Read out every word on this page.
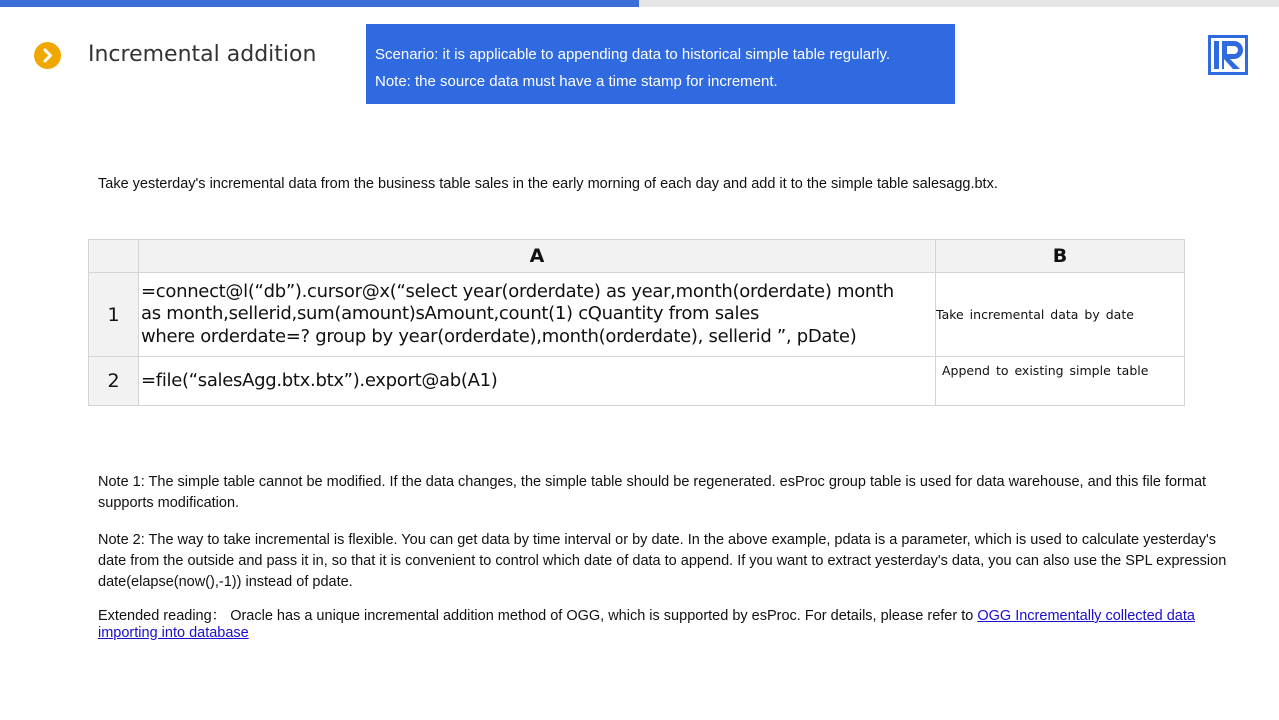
Incremental addition	Scenario: it is applicable to appending data to historical simple table regularly.
Note: the source data must have a time stamp for increment.
Take yesterday's incremental data from the business table sales in the early morning of each day and add it to the simple table salesagg.btx.
	A	B
1	=connect@l(“db”).cursor@x(“select year(orderdate) as year,month(orderdate) month
as month,sellerid,sum(amount)sAmount,count(1) cQuantity from sales
where orderdate=? group by year(orderdate),month(orderdate), sellerid ”, pDate)	Take incremental data by date
2	=file(“salesAgg.btx.btx”).export@ab(A1)	Append to existing simple table
Note 1: The simple table cannot be modified. If the data changes, the simple table should be regenerated. esProc group table is used for data warehouse, and this file format supports modification.
Note 2: The way to take incremental is flexible. You can get data by time interval or by date. In the above example, pdata is a parameter, which is used to calculate yesterday's date from the outside and pass it in, so that it is convenient to control which date of data to append. If you want to extract yesterday's data, you can also use the SPL expression date(elapse(now(),-1)) instead of pdate.
Extended reading： Oracle has a unique incremental addition method of OGG, which is supported by esProc. For details, please refer to OGG Incrementally collected data importing into database
